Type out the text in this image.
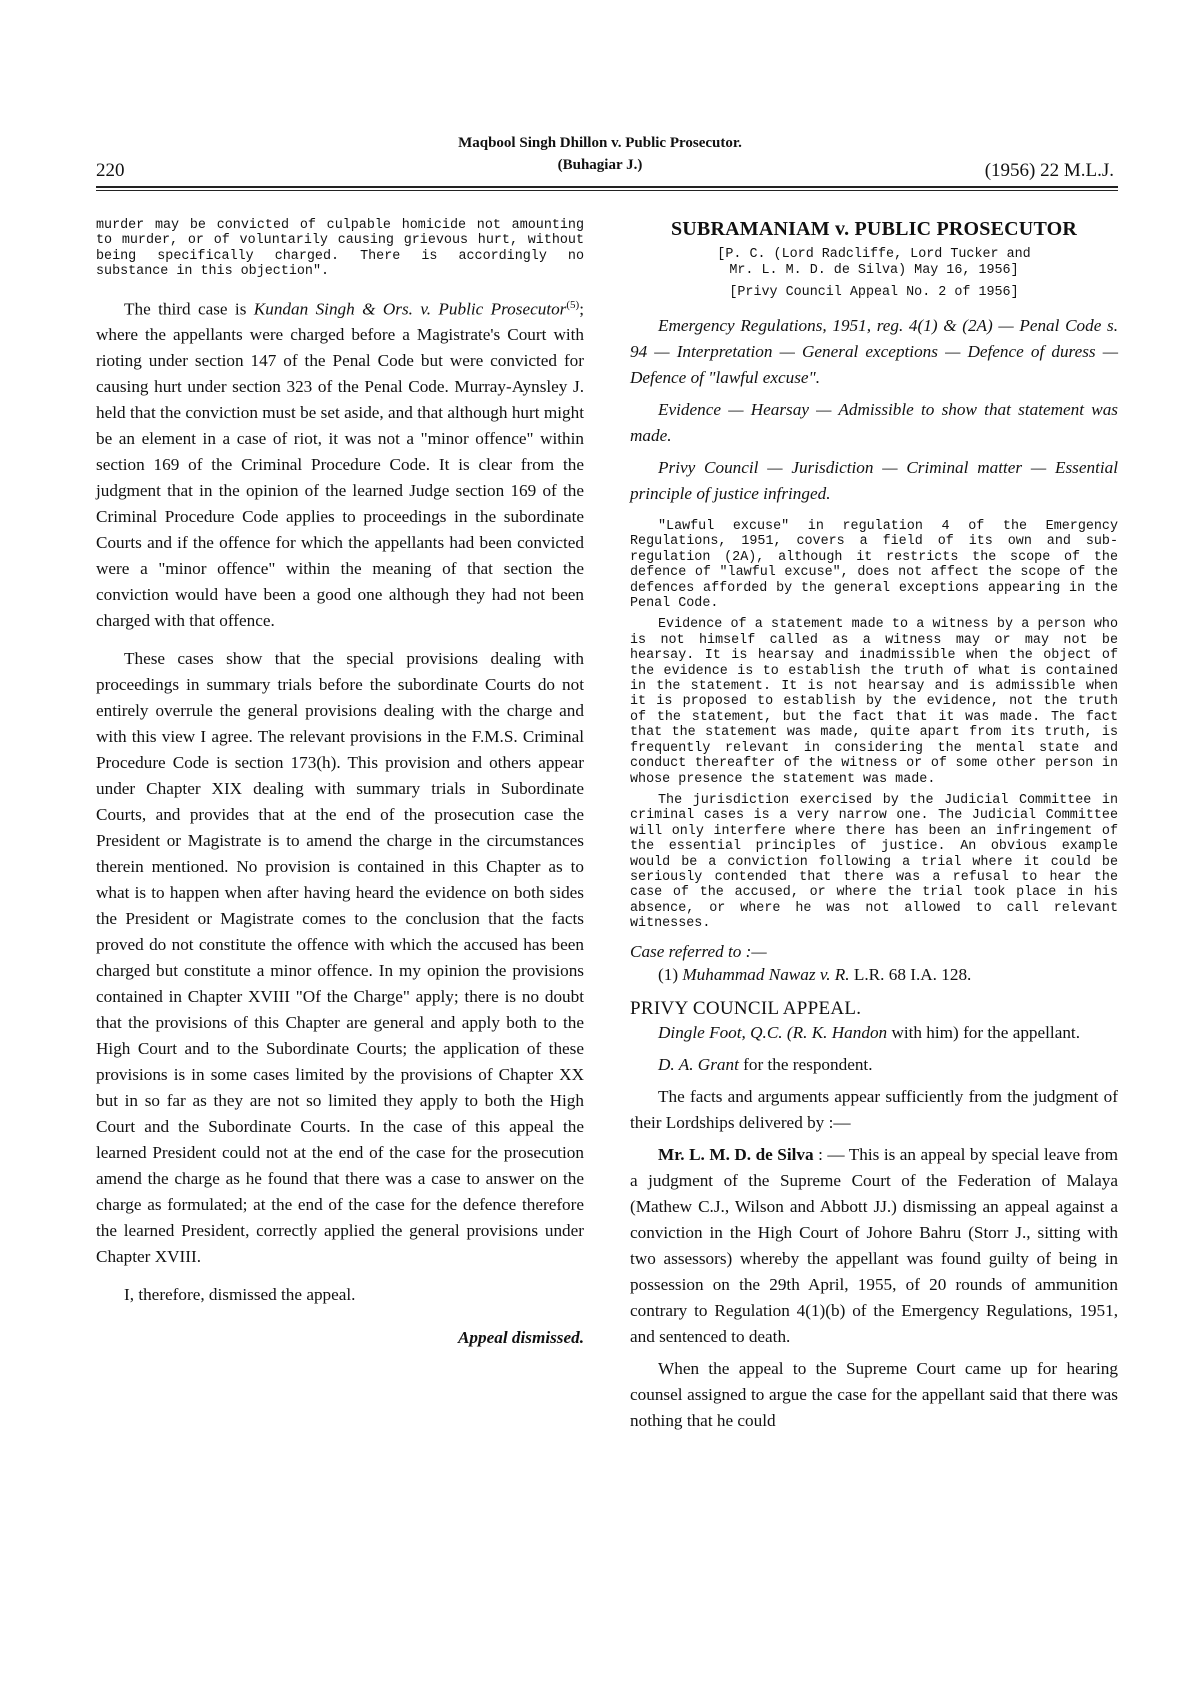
220
Maqbool Singh Dhillon v. Public Prosecutor.
(Buhagiar J.)	(1956) 22 M.L.J.

murder may be convicted of culpable homicide not amounting to murder, or of voluntarily causing grievous hurt, without being specifically charged. There is accordingly no substance in this objection".

The third case is Kundan Singh & Ors. v. Public Prosecutor$^{(5)}$; where the appellants were charged before a Magistrate's Court with rioting under section 147 of the Penal Code but were convicted for causing hurt under section 323 of the Penal Code. Murray-Aynsley J. held that the conviction must be set aside, and that although hurt might be an element in a case of riot, it was not a "minor offence" within section 169 of the Criminal Procedure Code. It is clear from the judgment that in the opinion of the learned Judge section 169 of the Criminal Procedure Code applies to proceedings in the subordinate Courts and if the offence for which the appellants had been convicted were a "minor offence" within the meaning of that section the conviction would have been a good one although they had not been charged with that offence.

These cases show that the special provisions dealing with proceedings in summary trials before the subordinate Courts do not entirely overrule the general provisions dealing with the charge and with this view I agree. The relevant provisions in the F.M.S. Criminal Procedure Code is section 173(h). This provision and others appear under Chapter XIX dealing with summary trials in Subordinate Courts, and provides that at the end of the prosecution case the President or Magistrate is to amend the charge in the circumstances therein mentioned. No provision is contained in this Chapter as to what is to happen when after having heard the evidence on both sides the President or Magistrate comes to the conclusion that the facts proved do not constitute the offence with which the accused has been charged but constitute a minor offence. In my opinion the provisions contained in Chapter XVIII "Of the Charge" apply; there is no doubt that the provisions of this Chapter are general and apply both to the High Court and to the Subordinate Courts; the application of these provisions is in some cases limited by the provisions of Chapter XX but in so far as they are not so limited they apply to both the High Court and the Subordinate Courts. In the case of this appeal the learned President could not at the end of the case for the prosecution amend the charge as he found that there was a case to answer on the charge as formulated; at the end of the case for the defence therefore the learned President, correctly applied the general provisions under Chapter XVIII.

I, therefore, dismissed the appeal.

Appeal dismissed.

SUBRAMANIAM v. PUBLIC PROSECUTOR
[P. C. (Lord Radcliffe, Lord Tucker and
Mr. L. M. D. de Silva) May 16, 1956]
[Privy Council Appeal No. 2 of 1956]

Emergency Regulations, 1951, reg. 4(1) & (2A) — Penal Code s. 94 — Interpretation — General exceptions — Defence of duress — Defence of "lawful excuse".

Evidence — Hearsay — Admissible to show that statement was made.

Privy Council — Jurisdiction — Criminal matter — Essential principle of justice infringed.

"Lawful excuse" in regulation 4 of the Emergency Regulations, 1951, covers a field of its own and sub-regulation (2A), although it restricts the scope of the defence of "lawful excuse", does not affect the scope of the defences afforded by the general exceptions appearing in the Penal Code.

Evidence of a statement made to a witness by a person who is not himself called as a witness may or may not be hearsay. It is hearsay and inadmissible when the object of the evidence is to establish the truth of what is contained in the statement. It is not hearsay and is admissible when it is proposed to establish by the evidence, not the truth of the statement, but the fact that it was made. The fact that the statement was made, quite apart from its truth, is frequently relevant in considering the mental state and conduct thereafter of the witness or of some other person in whose presence the statement was made.

The jurisdiction exercised by the Judicial Committee in criminal cases is a very narrow one. The Judicial Committee will only interfere where there has been an infringement of the essential principles of justice. An obvious example would be a conviction following a trial where it could be seriously contended that there was a refusal to hear the case of the accused, or where the trial took place in his absence, or where he was not allowed to call relevant witnesses.

Case referred to :—

(1) Muhammad Nawaz v. R. L.R. 68 I.A. 128.

PRIVY COUNCIL APPEAL.

Dingle Foot, Q.C. (R. K. Handon with him) for the appellant.

D. A. Grant for the respondent.

The facts and arguments appear sufficiently from the judgment of their Lordships delivered by :—

Mr. L. M. D. de Silva : — This is an appeal by special leave from a judgment of the Supreme Court of the Federation of Malaya (Mathew C.J., Wilson and Abbott JJ.) dismissing an appeal against a conviction in the High Court of Johore Bahru (Storr J., sitting with two assessors) whereby the appellant was found guilty of being in possession on the 29th April, 1955, of 20 rounds of ammunition contrary to Regulation 4(1)(b) of the Emergency Regulations, 1951, and sentenced to death.

When the appeal to the Supreme Court came up for hearing counsel assigned to argue the case for the appellant said that there was nothing that he could
